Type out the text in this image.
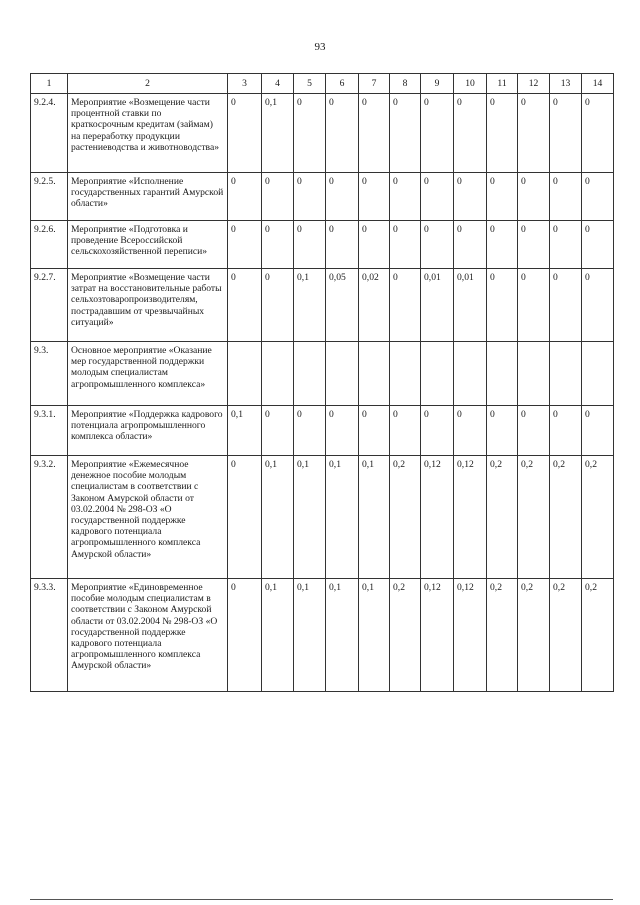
93
1	2	3	4	5	6	7	8	9	10	11	12	13	14
9.2.4.	Мероприятие «Возмещение части процентной ставки по краткосрочным кредитам (займам) на переработку продукции растениеводства и животноводства»	0	0,1	0	0	0	0	0	0	0	0	0	0
9.2.5.	Мероприятие «Исполнение государственных гарантий Амурской области»	0	0	0	0	0	0	0	0	0	0	0	0
9.2.6.	Мероприятие «Подготовка и проведение Всероссийской сельскохозяйственной переписи»	0	0	0	0	0	0	0	0	0	0	0	0
9.2.7.	Мероприятие «Возмещение части затрат на восстановительные работы сельхозтоваропроизводителям, пострадавшим от чрезвычайных ситуаций»	0	0	0,1	0,05	0,02	0	0,01	0,01	0	0	0	0
9.3.	Основное мероприятие «Оказание мер государственной поддержки молодым специалистам агропромышленного комплекса»												
9.3.1.	Мероприятие «Поддержка кадрового потенциала агропромышленного комплекса области»	0,1	0	0	0	0	0	0	0	0	0	0	0
9.3.2.	Мероприятие «Ежемесячное денежное пособие молодым специалистам в соответствии с Законом Амурской области от 03.02.2004 № 298-ОЗ «О государственной поддержке кадрового потенциала агропромышленного комплекса Амурской области»	0	0,1	0,1	0,1	0,1	0,2	0,12	0,12	0,2	0,2	0,2	0,2
9.3.3.	Мероприятие «Единовременное пособие молодым специалистам в соответствии с Законом Амурской области от 03.02.2004 № 298-ОЗ «О государственной поддержке кадрового потенциала агропромышленного комплекса Амурской области»	0	0,1	0,1	0,1	0,1	0,2	0,12	0,12	0,2	0,2	0,2	0,2
